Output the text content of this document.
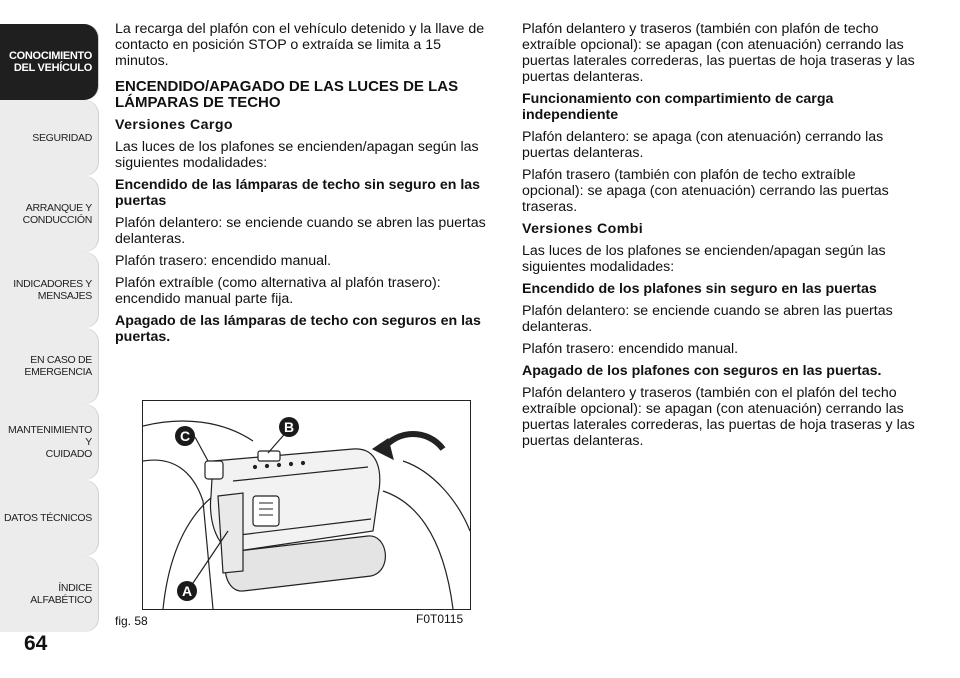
CONOCIMIENTO
DEL VEHÍCULO
SEGURIDAD
ARRANQUE Y
CONDUCCIÓN
INDICADORES Y
MENSAJES
EN CASO DE
EMERGENCIA
MANTENIMIENTO Y
CUIDADO
DATOS TÉCNICOS
ÍNDICE ALFABÉTICO
64

La recarga del plafón con el vehículo detenido y la llave de contacto en posición STOP o extraída se limita a 15 minutos.

ENCENDIDO/APAGADO DE LAS LUCES DE LAS LÁMPARAS DE TECHO

Versiones Cargo

Las luces de los plafones se encienden/apagan según las siguientes modalidades:

Encendido de las lámparas de techo sin seguro en las puertas

Plafón delantero: se enciende cuando se abren las puertas delanteras.

Plafón trasero: encendido manual.

Plafón extraíble (como alternativa al plafón trasero): encendido manual parte fija.

Apagado de las lámparas de techo con seguros en las puertas.

C
B
A
fig. 58	F0T0115

Plafón delantero y traseros (también con plafón de techo extraíble opcional): se apagan (con atenuación) cerrando las puertas laterales correderas, las puertas de hoja traseras y las puertas delanteras.

Funcionamiento con compartimiento de carga independiente

Plafón delantero: se apaga (con atenuación) cerrando las puertas delanteras.

Plafón trasero (también con plafón de techo extraíble opcional): se apaga (con atenuación) cerrando las puertas traseras.

Versiones Combi

Las luces de los plafones se encienden/apagan según las siguientes modalidades:

Encendido de los plafones sin seguro en las puertas

Plafón delantero: se enciende cuando se abren las puertas delanteras.

Plafón trasero: encendido manual.

Apagado de los plafones con seguros en las puertas.

Plafón delantero y traseros (también con el plafón del techo extraíble opcional): se apagan (con atenuación) cerrando las puertas laterales correderas, las puertas de hoja traseras y las puertas delanteras.
